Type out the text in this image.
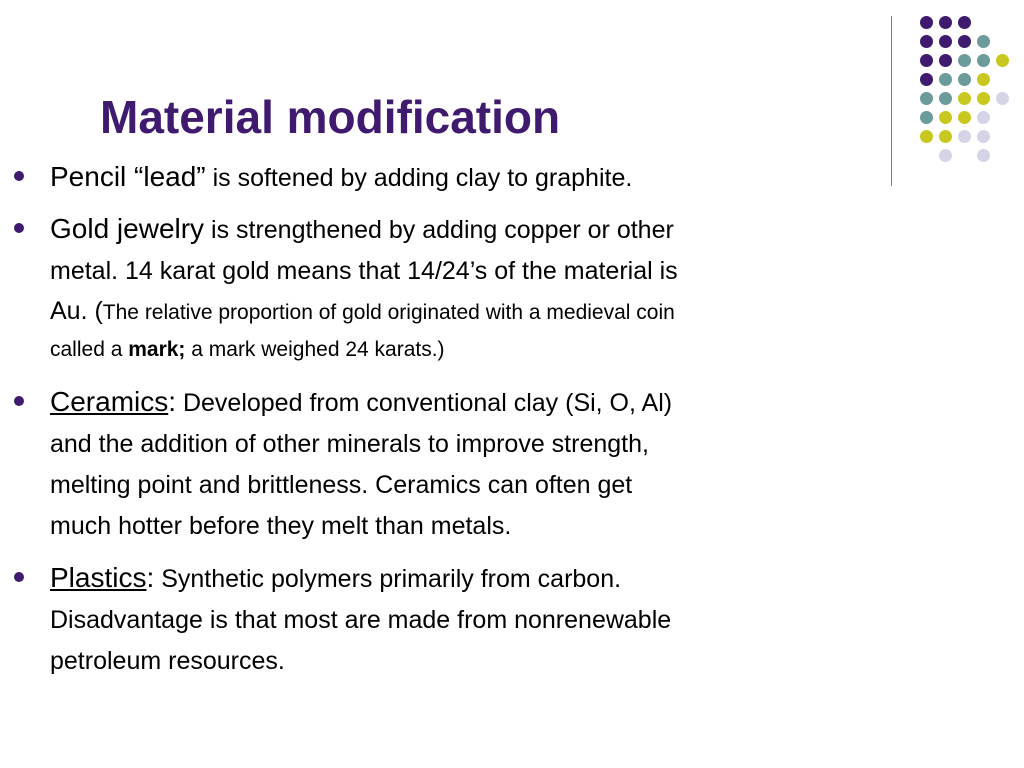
Material modification
Pencil “lead” is softened by adding clay to graphite.
Gold jewelry is strengthened by adding copper or other
metal. 14 karat gold means that 14/24’s of the material is
Au. (The relative proportion of gold originated with a medieval coin
called a mark; a mark weighed 24 karats.)
Ceramics: Developed from conventional clay (Si, O, Al)
and the addition of other minerals to improve strength,
melting point and brittleness. Ceramics can often get
much hotter before they melt than metals.
Plastics: Synthetic polymers primarily from carbon.
Disadvantage is that most are made from nonrenewable
petroleum resources.
